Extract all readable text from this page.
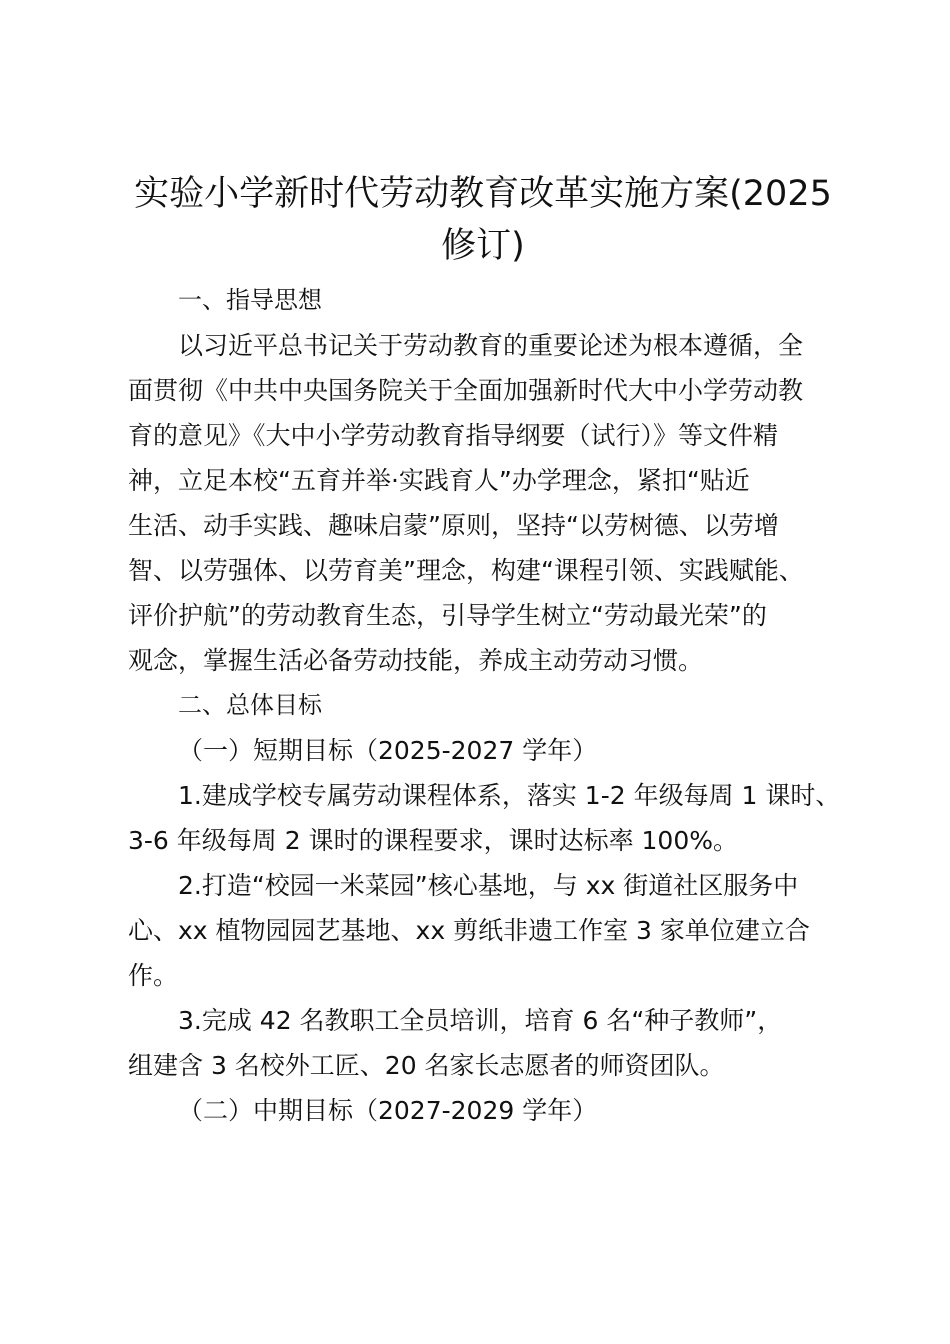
实验小学新时代劳动教育改革实施方案(2025
修订)

一、指导思想

以习近平总书记关于劳动教育的重要论述为根本遵循，全

面贯彻《中共中央国务院关于全面加强新时代大中小学劳动教

育的意见》《大中小学劳动教育指导纲要（试行）》等文件精

神，立足本校“五育并举·实践育人”办学理念，紧扣“贴近

生活、动手实践、趣味启蒙”原则，坚持“以劳树德、以劳增

智、以劳强体、以劳育美”理念，构建“课程引领、实践赋能、

评价护航”的劳动教育生态，引导学生树立“劳动最光荣”的

观念，掌握生活必备劳动技能，养成主动劳动习惯。

二、总体目标

（一）短期目标（2025-2027 学年）

1.建成学校专属劳动课程体系，落实 1-2 年级每周 1 课时、

3-6 年级每周 2 课时的课程要求，课时达标率 100%。

2.打造“校园一米菜园”核心基地，与 xx 街道社区服务中

心、xx 植物园园艺基地、xx 剪纸非遗工作室 3 家单位建立合

作。

3.完成 42 名教职工全员培训，培育 6 名“种子教师”，

组建含 3 名校外工匠、20 名家长志愿者的师资团队。

（二）中期目标（2027-2029 学年）
